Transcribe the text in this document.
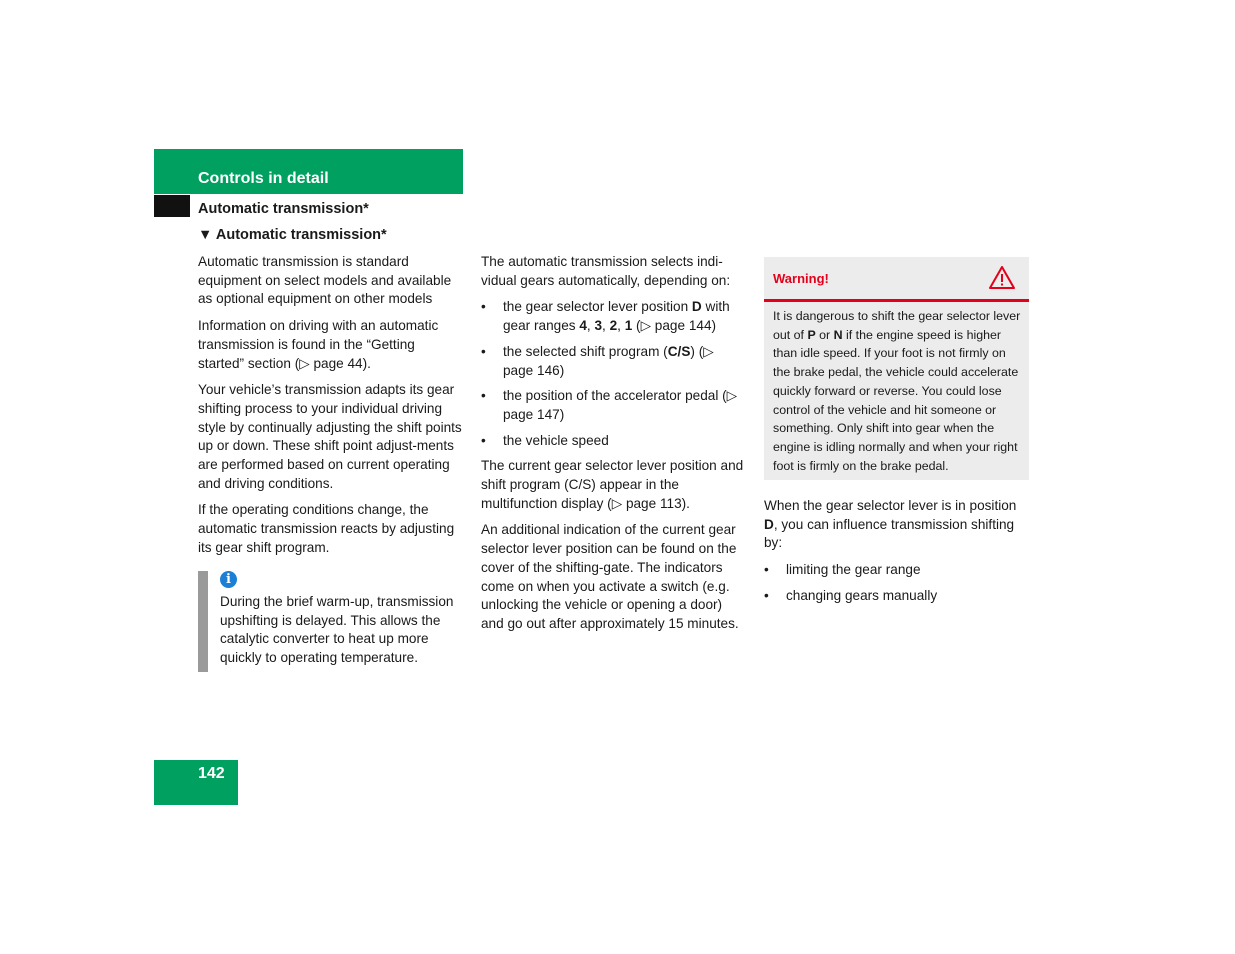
Controls in detail
Automatic transmission*
▼ Automatic transmission*

Automatic transmission is standard equipment on select models and available as optional equipment on other models

Information on driving with an automatic transmission is found in the “Getting started” section (▷ page 44).

Your vehicle’s transmission adapts its gear shifting process to your individual driving style by continually adjusting the shift points up or down. These shift point adjust-ments are performed based on current operating and driving conditions.

If the operating conditions change, the automatic transmission reacts by adjusting its gear shift program.

i
During the brief warm-up, transmission upshifting is delayed. This allows the catalytic converter to heat up more quickly to operating temperature.

The automatic transmission selects indi-vidual gears automatically, depending on:

• the gear selector lever position D with gear ranges 4, 3, 2, 1 (▷ page 144)
• the selected shift program (C/S) (▷ page 146)
• the position of the accelerator pedal (▷ page 147)
• the vehicle speed

The current gear selector lever position and shift program (C/S) appear in the multifunction display (▷ page 113).

An additional indication of the current gear selector lever position can be found on the cover of the shifting-gate. The indicators come on when you activate a switch (e.g. unlocking the vehicle or opening a door) and go out after approximately 15 minutes.

Warning!
It is dangerous to shift the gear selector lever out of P or N if the engine speed is higher than idle speed. If your foot is not firmly on the brake pedal, the vehicle could accelerate quickly forward or reverse. You could lose control of the vehicle and hit someone or something. Only shift into gear when the engine is idling normally and when your right foot is firmly on the brake pedal.

When the gear selector lever is in position D, you can influence transmission shifting by:

• limiting the gear range
• changing gears manually
142
